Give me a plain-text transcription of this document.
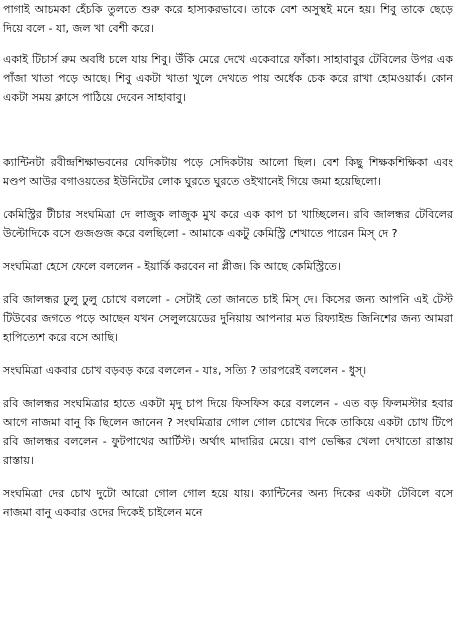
পাগাই আচমকা হেঁচকি তুলতে শুরু করে হাস্যকরভাবে। তাকে বেশ অসুস্থই মনে হয়। শিবু তাকে ছেড়ে দিয়ে বলে - যা, জল খা বেশী করে।

একাই টিচার্স রুম অবধি চলে যায় শিবু। উঁকি মেরে দেখে একেবারে ফাঁকা। সাহাবাবুর টেবিলের উপর এক পাঁজা খাতা পড়ে আছে। শিবু একটা খাতা খুলে দেখতে পায় অর্ধেক চেক করে রাখা হোমওয়ার্ক। কোন একটা সময় ক্লাসে পাঠিয়ে দেবেন সাহাবাবু।

ক্যান্টিনটা রবীন্দ্রশিক্ষাভবনের যেদিকটায় পড়ে সেদিকটায় আলো ছিল। বেশ কিছু শিক্ষকশিক্ষিকা এবং মণ্ডপ আউর বগাওয়তের ইউনিটের লোক ঘুরতে ঘুরতে ওইখানেই গিয়ে জমা হয়েছিলো।

কেমিস্ট্রির টীচার সংঘমিত্রা দে লাজুক লাজুক মুখ করে এক কাপ চা খাচ্ছিলেন। রবি জালন্ধর টেবিলের উল্টোদিকে বসে গুজগুজ করে বলছিলো - আমাকে একটু কেমিস্ট্রি শেখাতে পারেন মিস্‌ দে ?

সংঘমিত্রা হেসে ফেলে বললেন - ইয়ার্কি করবেন না প্লীজ। কি আছে কেমিস্ট্রিতে।

রবি জালন্ধর ঢুলু ঢুলু চোখে বললো - সেটাই তো জানতে চাই মিস্‌ দে। কিসের জন্য আপনি এই টেস্ট টিউবের জগতে পড়ে আছেন যখন সেলুলয়েডের দুনিয়ায় আপনার মত রিফ্যাইন্ড জিনিশের জন্য আমরা হাপিত্যেশ করে বসে আছি।

সংঘমিত্রা একবার চোখ বড়বড় করে বললেন - যাঃ, সত্যি ? তারপরেই বললেন - ধুস্‌।

রবি জালন্ধর সংঘমিত্রার হাতে একটা মৃদু চাপ দিয়ে ফিসফিস করে বললেন - এত বড় ফিলমস্টার হবার আগে নাজমা বানু কি ছিলেন জানেন ? সংঘমিত্রার গোল গোল চোখের দিকে তাকিয়ে একটা চোখ টিপে রবি জালন্ধর বললেন - ফুটপাথের আর্টিস্ট। অর্থাৎ মাদারির মেয়ে। বাপ ভেল্কির খেলা দেখাতো রাস্তায় রাস্তায়।

সংঘমিত্রা দের চোখ দুটো আরো গোল গোল হয়ে যায়। ক্যান্টিনের অন্য দিকের একটা টেবিলে বসে নাজমা বানু একবার ওদের দিকেই চাইলেন মনে
